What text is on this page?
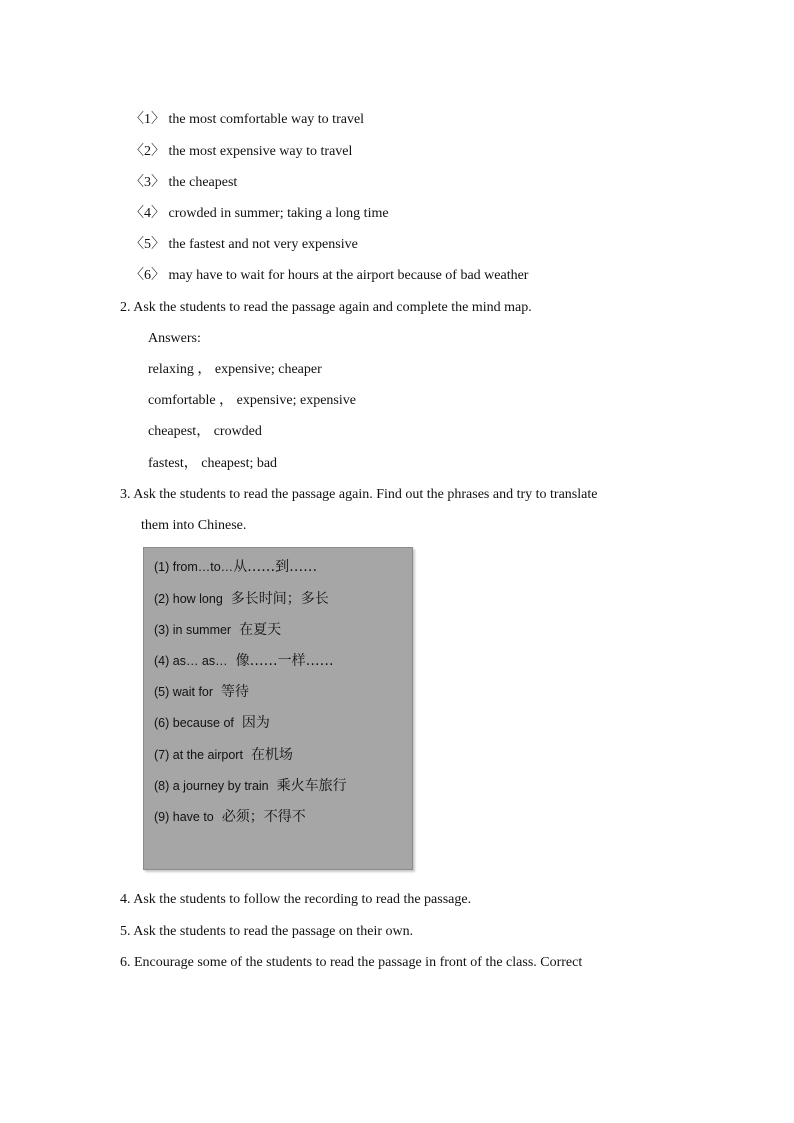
〈1〉 the most comfortable way to travel
〈2〉 the most expensive way to travel
〈3〉 the cheapest
〈4〉 crowded in summer; taking a long time
〈5〉 the fastest and not very expensive
〈6〉 may have to wait for hours at the airport because of bad weather
2. Ask the students to read the passage again and complete the mind map.
Answers:
relaxing ， expensive; cheaper
comfortable ， expensive; expensive
cheapest， crowded
fastest， cheapest; bad
3. Ask the students to read the passage again. Find out the phrases and try to translate
them into Chinese.
(1) from…to…从……到……
(2) how long 多长时间；多长
(3) in summer 在夏天
(4) as… as… 像……一样……
(5) wait for 等待
(6) because of 因为
(7) at the airport 在机场
(8) a journey by train 乘火车旅行
(9) have to 必须；不得不
4. Ask the students to follow the recording to read the passage.
5. Ask the students to read the passage on their own.
6. Encourage some of the students to read the passage in front of the class. Correct
